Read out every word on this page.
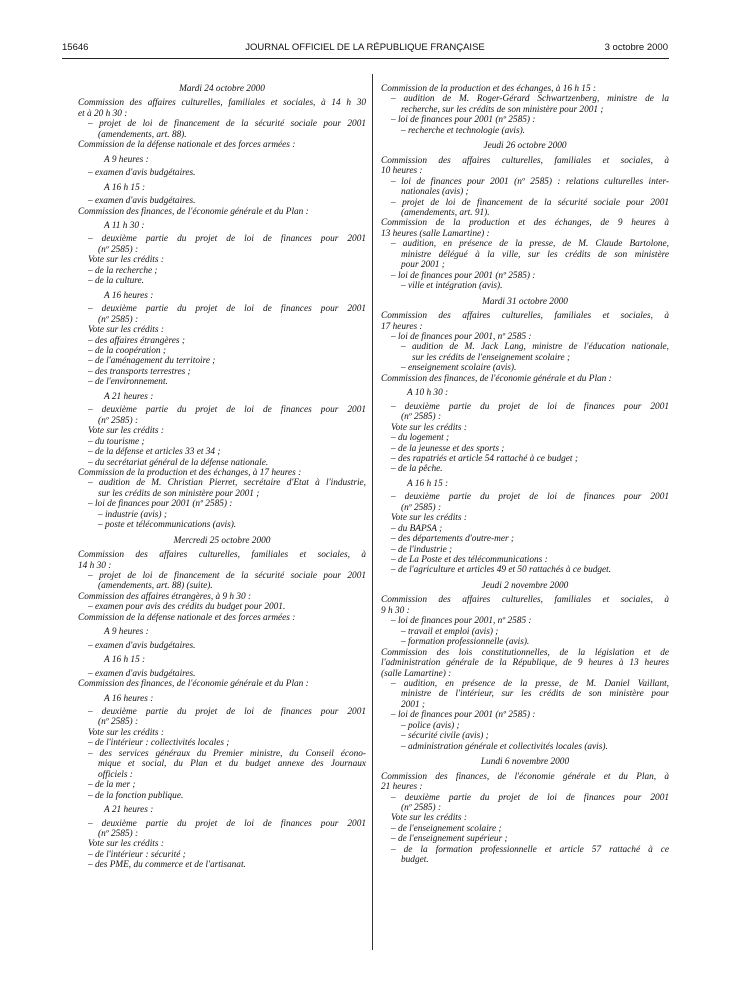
15646	JOURNAL OFFICIEL DE LA RÉPUBLIQUE FRANÇAISE	3 octobre 2000
Mardi 24 octobre 2000
Commission des affaires culturelles, familiales et sociales, à 14 h 30
et à 20 h 30 :
– projet de loi de financement de la sécurité sociale pour 2001
(amendements, art. 88).
Commission de la défense nationale et des forces armées :
A 9 heures :
– examen d'avis budgétaires.
A 16 h 15 :
– examen d'avis budgétaires.
Commission des finances, de l'économie générale et du Plan :
A 11 h 30 :
– deuxième partie du projet de loi de finances pour 2001
(nº 2585) :
Vote sur les crédits :
– de la recherche ;
– de la culture.
A 16 heures :
– deuxième partie du projet de loi de finances pour 2001
(nº 2585) :
Vote sur les crédits :
– des affaires étrangères ;
– de la coopération ;
– de l'aménagement du territoire ;
– des transports terrestres ;
– de l'environnement.
A 21 heures :
– deuxième partie du projet de loi de finances pour 2001
(nº 2585) :
Vote sur les crédits :
– du tourisme ;
– de la défense et articles 33 et 34 ;
– du secrétariat général de la défense nationale.
Commission de la production et des échanges, à 17 heures :
– audition de M. Christian Pierret, secrétaire d'Etat à l'industrie,
sur les crédits de son ministère pour 2001 ;
– loi de finances pour 2001 (nº 2585) :
– industrie (avis) ;
– poste et télécommunications (avis).
Mercredi 25 octobre 2000
Commission des affaires culturelles, familiales et sociales, à
14 h 30 :
– projet de loi de financement de la sécurité sociale pour 2001
(amendements, art. 88) (suite).
Commission des affaires étrangères, à 9 h 30 :
– examen pour avis des crédits du budget pour 2001.
Commission de la défense nationale et des forces armées :
A 9 heures :
– examen d'avis budgétaires.
A 16 h 15 :
– examen d'avis budgétaires.
Commission des finances, de l'économie générale et du Plan :
A 16 heures :
– deuxième partie du projet de loi de finances pour 2001
(nº 2585) :
Vote sur les crédits :
– de l'intérieur : collectivités locales ;
– des services généraux du Premier ministre, du Conseil écono-
mique et social, du Plan et du budget annexe des Journaux
officiels :
– de la mer ;
– de la fonction publique.
A 21 heures :
– deuxième partie du projet de loi de finances pour 2001
(nº 2585) :
Vote sur les crédits :
– de l'intérieur : sécurité ;
– des PME, du commerce et de l'artisanat.
Commission de la production et des échanges, à 16 h 15 :
– audition de M. Roger-Gérard Schwartzenberg, ministre de la
recherche, sur les crédits de son ministère pour 2001 ;
– loi de finances pour 2001 (nº 2585) :
– recherche et technologie (avis).
Jeudi 26 octobre 2000
Commission des affaires culturelles, familiales et sociales, à
10 heures :
– loi de finances pour 2001 (nº 2585) : relations culturelles inter-
nationales (avis) ;
– projet de loi de financement de la sécurité sociale pour 2001
(amendements, art. 91).
Commission de la production et des échanges, de 9 heures à
13 heures (salle Lamartine) :
– audition, en présence de la presse, de M. Claude Bartolone,
ministre délégué à la ville, sur les crédits de son ministère
pour 2001 ;
– loi de finances pour 2001 (nº 2585) :
– ville et intégration (avis).
Mardi 31 octobre 2000
Commission des affaires culturelles, familiales et sociales, à
17 heures :
– loi de finances pour 2001, nº 2585 :
– audition de M. Jack Lang, ministre de l'éducation nationale,
sur les crédits de l'enseignement scolaire ;
– enseignement scolaire (avis).
Commission des finances, de l'économie générale et du Plan :
A 10 h 30 :
– deuxième partie du projet de loi de finances pour 2001
(nº 2585) :
Vote sur les crédits :
– du logement ;
– de la jeunesse et des sports ;
– des rapatriés et article 54 rattaché à ce budget ;
– de la pêche.
A 16 h 15 :
– deuxième partie du projet de loi de finances pour 2001
(nº 2585) :
Vote sur les crédits :
– du BAPSA ;
– des départements d'outre-mer ;
– de l'industrie ;
– de La Poste et des télécommunications :
– de l'agriculture et articles 49 et 50 rattachés à ce budget.
Jeudi 2 novembre 2000
Commission des affaires culturelles, familiales et sociales, à
9 h 30 :
– loi de finances pour 2001, nº 2585 :
– travail et emploi (avis) ;
– formation professionnelle (avis).
Commission des lois constitutionnelles, de la législation et de
l'administration générale de la République, de 9 heures à 13 heures
(salle Lamartine) :
– audition, en présence de la presse, de M. Daniel Vaillant,
ministre de l'intérieur, sur les crédits de son ministère pour
2001 ;
– loi de finances pour 2001 (nº 2585) :
– police (avis) ;
– sécurité civile (avis) ;
– administration générale et collectivités locales (avis).
Lundi 6 novembre 2000
Commission des finances, de l'économie générale et du Plan, à
21 heures :
– deuxième partie du projet de loi de finances pour 2001
(nº 2585) :
Vote sur les crédits :
– de l'enseignement scolaire ;
– de l'enseignement supérieur ;
– de la formation professionnelle et article 57 rattaché à ce
budget.
